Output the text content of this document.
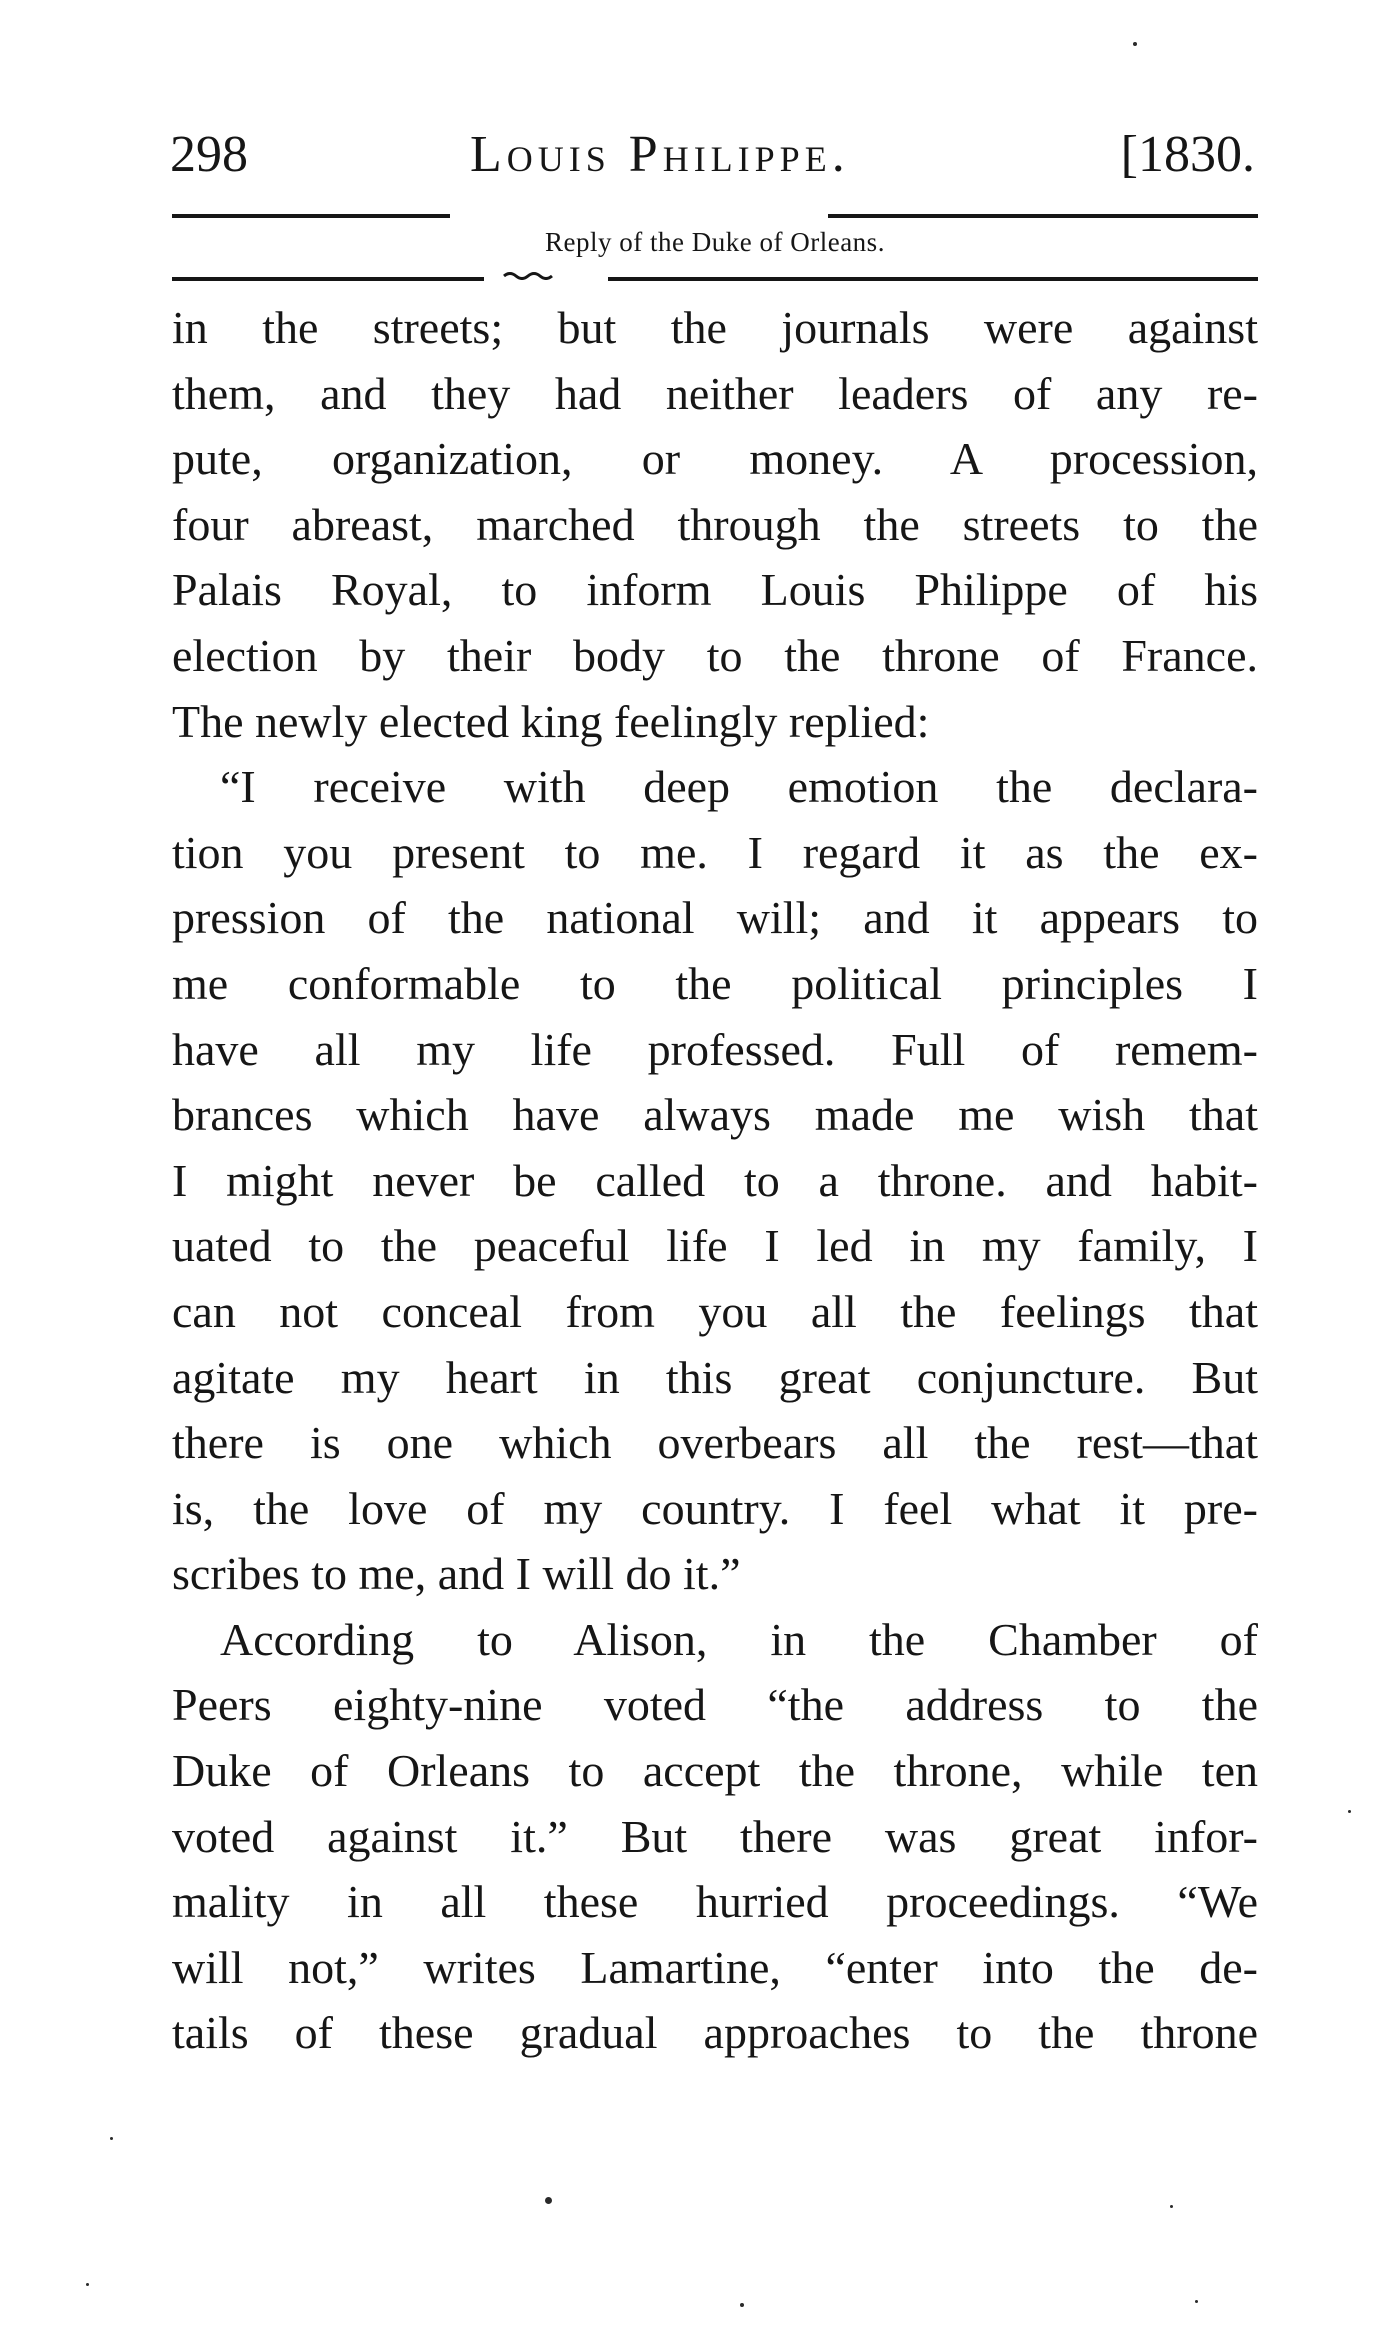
298	Louis Philippe.	[1830.
Reply of the Duke of Orleans.
in the streets; but the journals were against
them, and they had neither leaders of any re-
pute, organization, or money. A procession,
four abreast, marched through the streets to the
Palais Royal, to inform Louis Philippe of his
election by their body to the throne of France.
The newly elected king feelingly replied:
“I receive with deep emotion the declara-
tion you present to me. I regard it as the ex-
pression of the national will; and it appears to
me conformable to the political principles I
have all my life professed. Full of remem-
brances which have always made me wish that
I might never be called to a throne. and habit-
uated to the peaceful life I led in my family, I
can not conceal from you all the feelings that
agitate my heart in this great conjuncture. But
there is one which overbears all the rest—that
is, the love of my country. I feel what it pre-
scribes to me, and I will do it.”
According to Alison, in the Chamber of
Peers eighty-nine voted “the address to the
Duke of Orleans to accept the throne, while ten
voted against it.” But there was great infor-
mality in all these hurried proceedings. “We
will not,” writes Lamartine, “enter into the de-
tails of these gradual approaches to the throne
